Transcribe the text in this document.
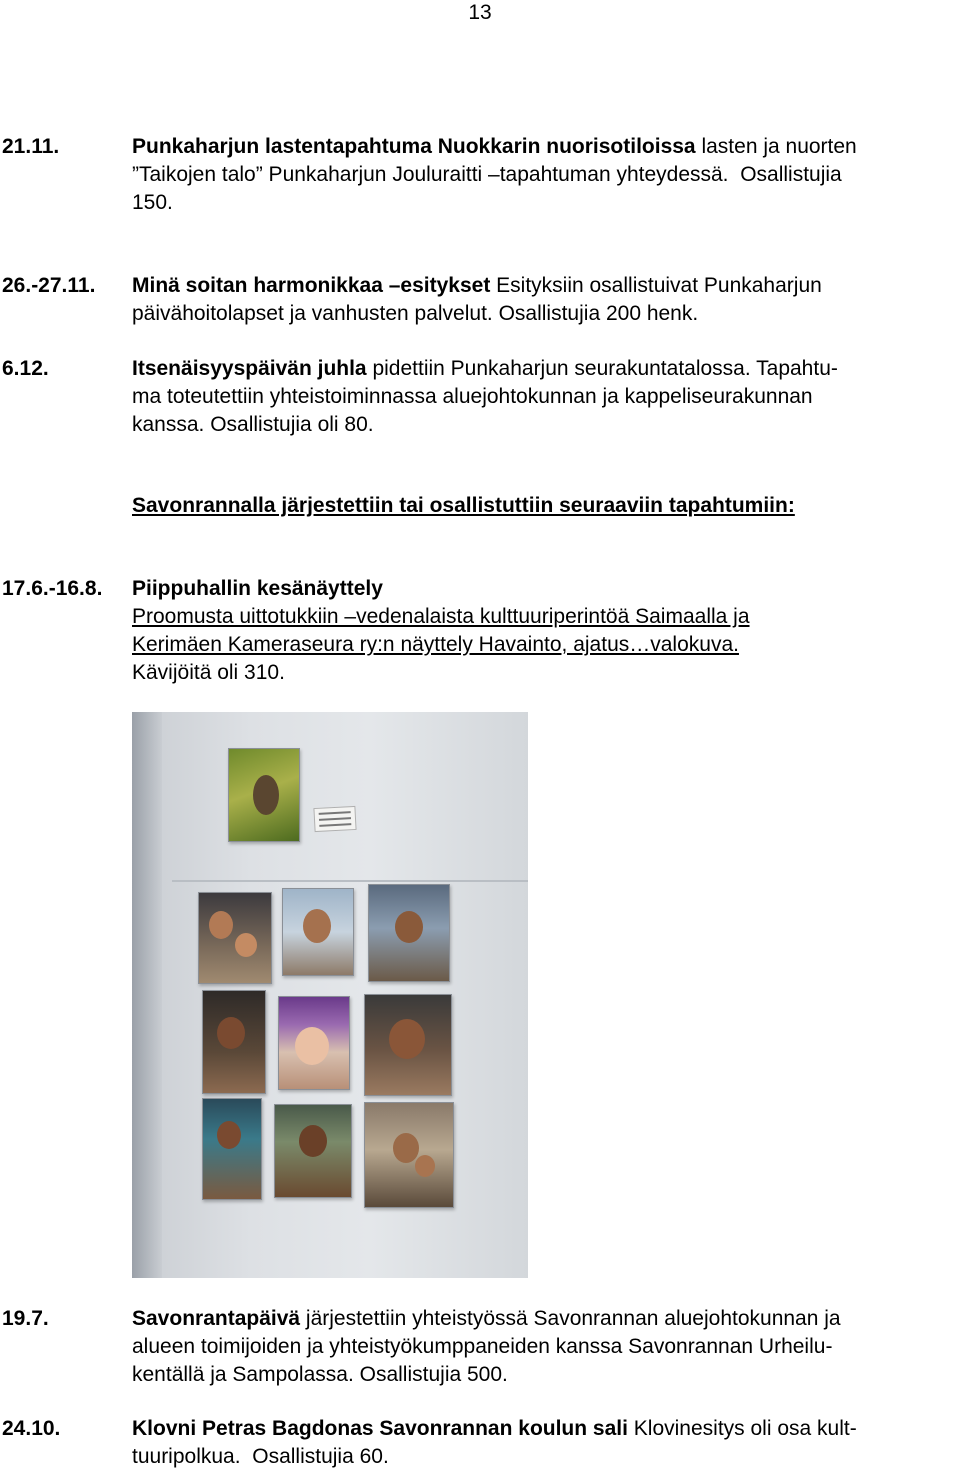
13
21.11.	Punkaharjun lastentapahtuma Nuokkarin nuorisotiloissa lasten ja nuorten
”Taikojen talo” Punkaharjun Jouluraitti –tapahtuman yhteydessä.  Osallistujia
150.
26.-27.11. Minä soitan harmonikkaa –esitykset Esityksiin osallistuivat Punkaharjun
päivähoitolapset ja vanhusten palvelut. Osallistujia 200 henk.
6.12.	Itsenäisyyspäivän juhla pidettiin Punkaharjun seurakuntatalossa. Tapahtu-
ma toteutettiin yhteistoiminnassa aluejohtokunnan ja kappeliseurakunnan
kanssa. Osallistujia oli 80.
Savonrannalla järjestettiin tai osallistuttiin seuraaviin tapahtumiin:
17.6.-16.8. Piippuhallin kesänäyttely
Proomusta uittotukkiin –vedenalaista kulttuuriperintöä Saimaalla ja
Kerimäen Kameraseura ry:n näyttely Havainto, ajatus…valokuva.
Kävijöitä oli 310.
19.7.	Savonrantapäivä järjestettiin yhteistyössä Savonrannan aluejohtokunnan ja
alueen toimijoiden ja yhteistyökumppaneiden kanssa Savonrannan Urheilu-
kentällä ja Sampolassa. Osallistujia 500.
24.10.	Klovni Petras Bagdonas Savonrannan koulun sali Klovinesitys oli osa kult-
tuuripolkua.  Osallistujia 60.
